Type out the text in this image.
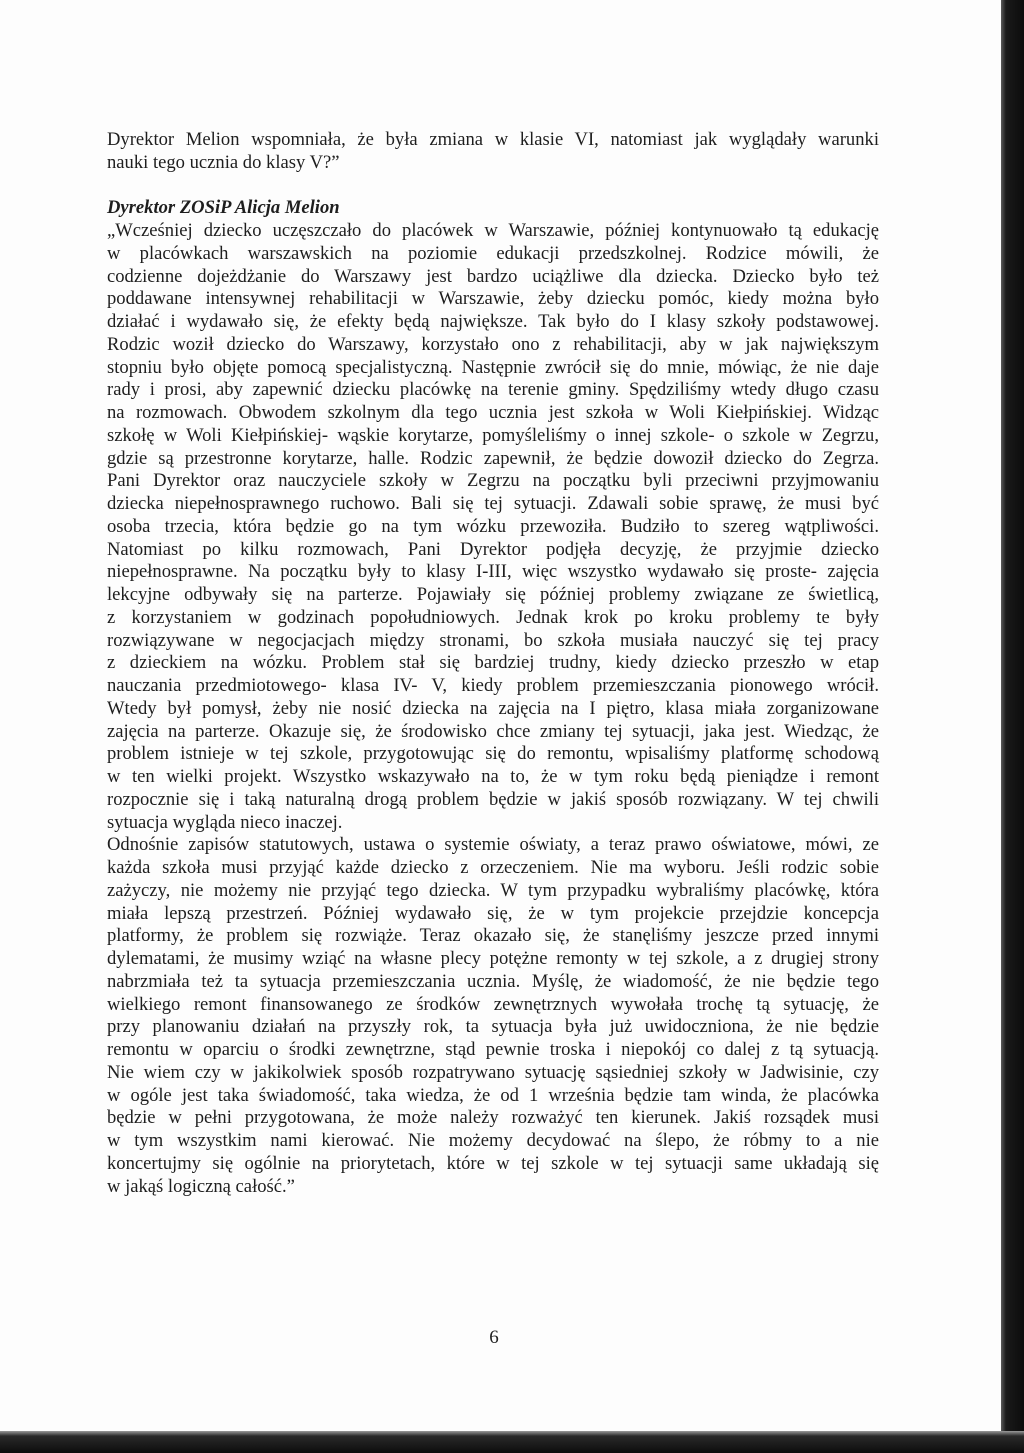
Dyrektor Melion wspomniała, że była zmiana w klasie VI, natomiast jak wyglądały warunki
nauki tego ucznia do klasy V?”

Dyrektor ZOSiP Alicja Melion

„Wcześniej dziecko uczęszczało do placówek w Warszawie, później kontynuowało tą edukację
w placówkach warszawskich na poziomie edukacji przedszkolnej. Rodzice mówili, że
codzienne dojeżdżanie do Warszawy jest bardzo uciążliwe dla dziecka. Dziecko było też
poddawane intensywnej rehabilitacji w Warszawie, żeby dziecku pomóc, kiedy można było
działać i wydawało się, że efekty będą największe. Tak było do I klasy szkoły podstawowej.
Rodzic woził dziecko do Warszawy, korzystało ono z rehabilitacji, aby w jak największym
stopniu było objęte pomocą specjalistyczną. Następnie zwrócił się do mnie, mówiąc, że nie daje
rady i prosi, aby zapewnić dziecku placówkę na terenie gminy. Spędziliśmy wtedy długo czasu
na rozmowach. Obwodem szkolnym dla tego ucznia jest szkoła w Woli Kiełpińskiej. Widząc
szkołę w Woli Kiełpińskiej- wąskie korytarze, pomyśleliśmy o innej szkole- o szkole w Zegrzu,
gdzie są przestronne korytarze, halle. Rodzic zapewnił, że będzie dowoził dziecko do Zegrza.
Pani Dyrektor oraz nauczyciele szkoły w Zegrzu na początku byli przeciwni przyjmowaniu
dziecka niepełnosprawnego ruchowo. Bali się tej sytuacji. Zdawali sobie sprawę, że musi być
osoba trzecia, która będzie go na tym wózku przewoziła. Budziło to szereg wątpliwości.
Natomiast po kilku rozmowach, Pani Dyrektor podjęła decyzję, że przyjmie dziecko
niepełnosprawne. Na początku były to klasy I-III, więc wszystko wydawało się proste- zajęcia
lekcyjne odbywały się na parterze. Pojawiały się później problemy związane ze świetlicą,
z korzystaniem w godzinach popołudniowych. Jednak krok po kroku problemy te były
rozwiązywane w negocjacjach między stronami, bo szkoła musiała nauczyć się tej pracy
z dzieckiem na wózku. Problem stał się bardziej trudny, kiedy dziecko przeszło w etap
nauczania przedmiotowego- klasa IV- V, kiedy problem przemieszczania pionowego wrócił.
Wtedy był pomysł, żeby nie nosić dziecka na zajęcia na I piętro, klasa miała zorganizowane
zajęcia na parterze. Okazuje się, że środowisko chce zmiany tej sytuacji, jaka jest. Wiedząc, że
problem istnieje w tej szkole, przygotowując się do remontu, wpisaliśmy platformę schodową
w ten wielki projekt. Wszystko wskazywało na to, że w tym roku będą pieniądze i remont
rozpocznie się i taką naturalną drogą problem będzie w jakiś sposób rozwiązany. W tej chwili
sytuacja wygląda nieco inaczej.
Odnośnie zapisów statutowych, ustawa o systemie oświaty, a teraz prawo oświatowe, mówi, ze
każda szkoła musi przyjąć każde dziecko z orzeczeniem. Nie ma wyboru. Jeśli rodzic sobie
zażyczy, nie możemy nie przyjąć tego dziecka. W tym przypadku wybraliśmy placówkę, która
miała lepszą przestrzeń. Później wydawało się, że w tym projekcie przejdzie koncepcja
platformy, że problem się rozwiąże. Teraz okazało się, że stanęliśmy jeszcze przed innymi
dylematami, że musimy wziąć na własne plecy potężne remonty w tej szkole, a z drugiej strony
nabrzmiała też ta sytuacja przemieszczania ucznia. Myślę, że wiadomość, że nie będzie tego
wielkiego remont finansowanego ze środków zewnętrznych wywołała trochę tą sytuację, że
przy planowaniu działań na przyszły rok, ta sytuacja była już uwidoczniona, że nie będzie
remontu w oparciu o środki zewnętrzne, stąd pewnie troska i niepokój co dalej z tą sytuacją.
Nie wiem czy w jakikolwiek sposób rozpatrywano sytuację sąsiedniej szkoły w Jadwisinie, czy
w ogóle jest taka świadomość, taka wiedza, że od 1 września będzie tam winda, że placówka
będzie w pełni przygotowana, że może należy rozważyć ten kierunek. Jakiś rozsądek musi
w tym wszystkim nami kierować. Nie możemy decydować na ślepo, że róbmy to a nie
koncertujmy się ogólnie na priorytetach, które w tej szkole w tej sytuacji same układają się
w jakąś logiczną całość.”

6
